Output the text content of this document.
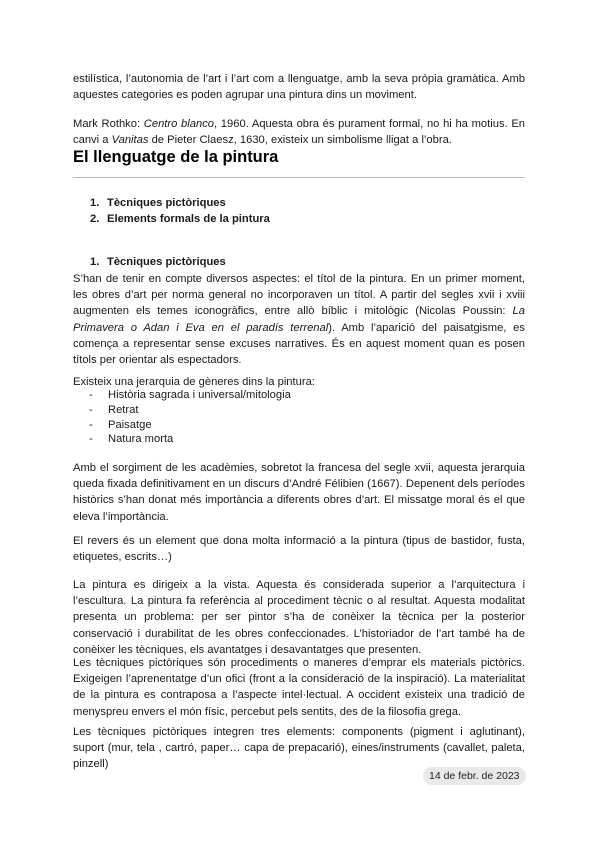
estilística, l’autonomia de l’art i l’art com a llenguatge, amb la seva pròpia gramàtica. Amb aquestes categories es poden agrupar una pintura dins un moviment.

Mark Rothko: Centro blanco, 1960. Aquesta obra és purament formal, no hi ha motius. En canvi a Vanitas de Pieter Claesz, 1630, existeix un simbolisme lligat a l’obra.

El llenguatge de la pintura
1. Tècniques pictòriques
2. Elements formals de la pintura
1. Tècniques pictòriques

S’han de tenir en compte diversos aspectes: el títol de la pintura. En un primer moment, les obres d’art per norma general no incorporaven un títol. A partir del segles xvii i xviii augmenten els temes iconogràfics, entre allò bíblic i mitològic (Nicolas Poussin: La Primavera o Adan i Eva en el paradís terrenal). Amb l’aparició del paisatgisme, es comença a representar sense excuses narratives. És en aquest moment quan es posen títols per orientar als espectadors.

Existeix una jerarquia de gèneres dins la pintura:

-	Història sagrada i universal/mitologia
-	Retrat
-	Paisatge
-	Natura morta

Amb el sorgiment de les acadèmies, sobretot la francesa del segle xvii, aquesta jerarquia queda fixada definitivament en un discurs d’André Félibien (1667). Depenent dels períodes històrics s’han donat més importància a diferents obres d’art. El missatge moral és el que eleva l’importància.

El revers és un element que dona molta informació a la pintura (tipus de bastidor, fusta, etiquetes, escrits…)

La pintura es dirigeix a la vista. Aquesta és considerada superior a l’arquitectura i l’escultura. La pintura fa referència al procediment tècnic o al resultat. Aquesta modalitat presenta un problema: per ser pintor s’ha de conèixer la tècnica per la posterior conservació i durabilitat de les obres confeccionades. L’historiador de l’art també ha de conèixer les tècniques, els avantatges i desavantatges que presenten.

Les tècniques pictòriques són procediments o maneres d’emprar els materials pictòrics. Exigeigen l’aprenentatge d’un ofici (front a la consideració de la inspiració). La materialitat de la pintura es contraposa a l’aspecte intel·lectual. A occident existeix una tradició de menyspreu envers el món físic, percebut pels sentits, des de la filosofia grega.

Les tècniques pictòriques integren tres elements: components (pigment i aglutinant), suport (mur, tela , cartró, paper… capa de prepacarió), eines/instruments (cavallet, paleta, pinzell)

14 de febr. de 2023
